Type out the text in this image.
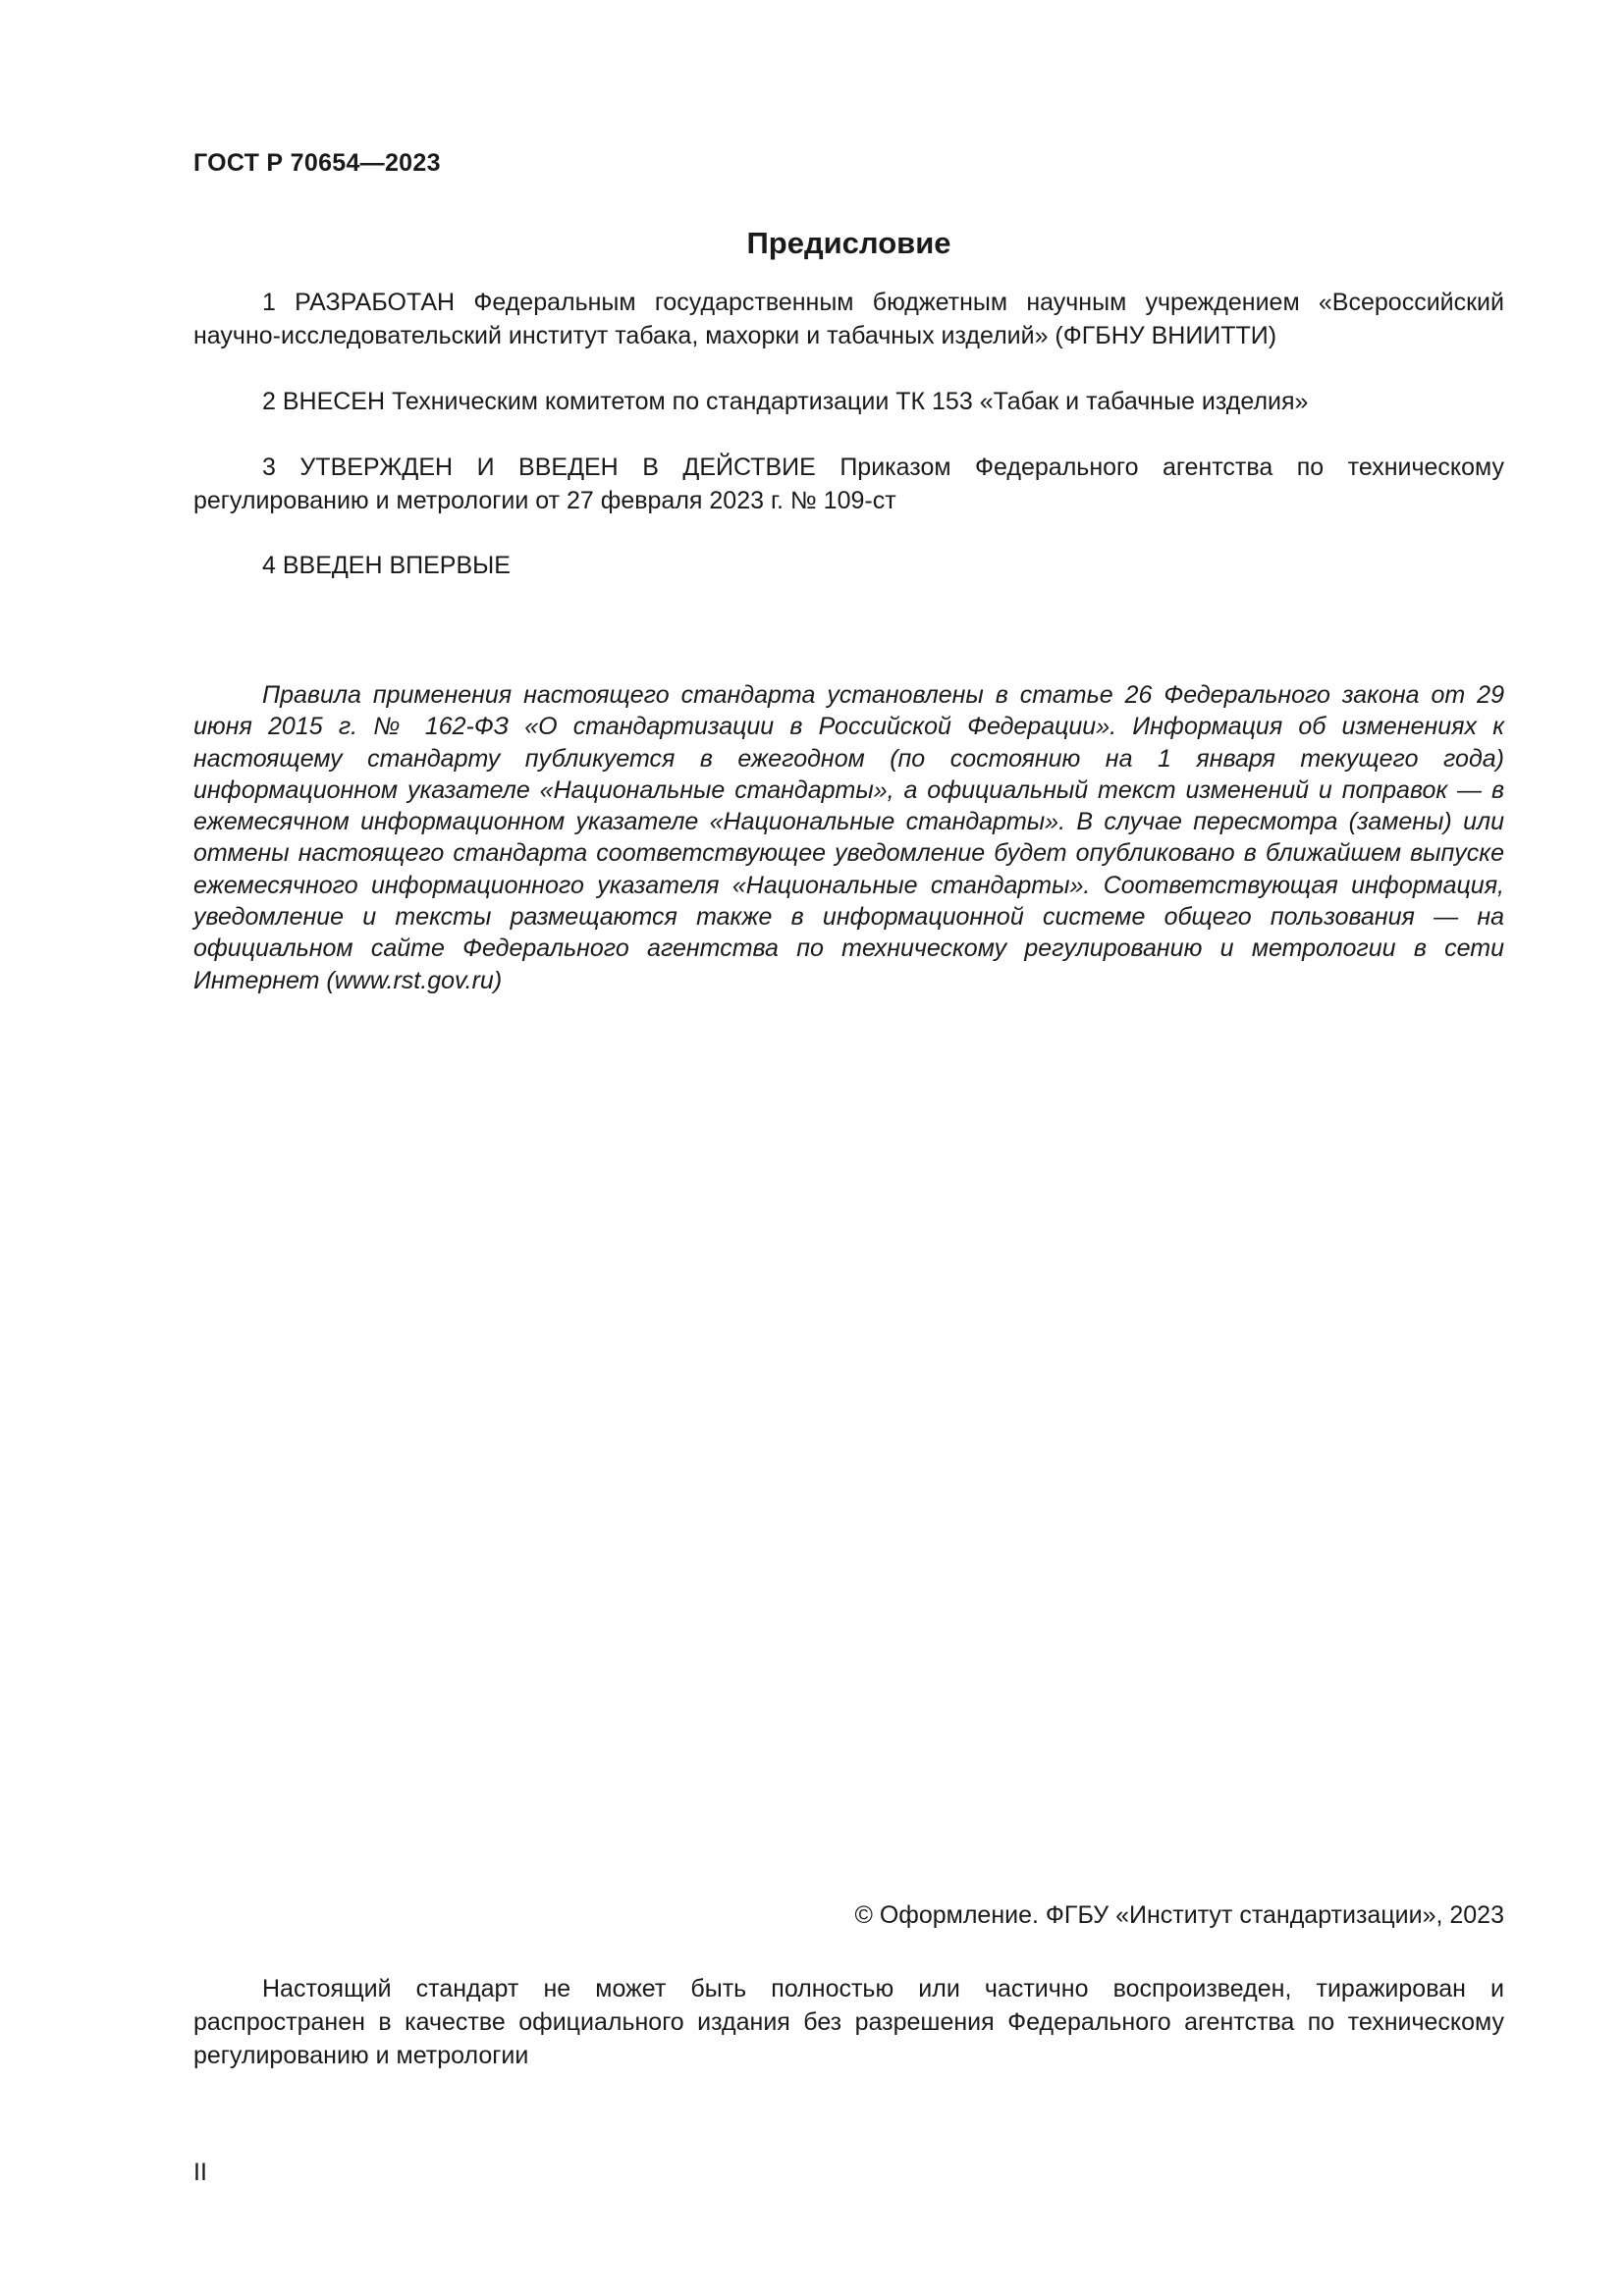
ГОСТ Р 70654—2023
Предисловие

1 РАЗРАБОТАН Федеральным государственным бюджетным научным учреждением «Всероссийский научно-исследовательский институт табака, махорки и табачных изделий» (ФГБНУ ВНИИТТИ)

2 ВНЕСЕН Техническим комитетом по стандартизации ТК 153 «Табак и табачные изделия»

3 УТВЕРЖДЕН И ВВЕДЕН В ДЕЙСТВИЕ Приказом Федерального агентства по техническому регулированию и метрологии от 27 февраля 2023 г. № 109-ст

4 ВВЕДЕН ВПЕРВЫЕ

Правила применения настоящего стандарта установлены в статье 26 Федерального закона от 29 июня 2015 г. № 162-ФЗ «О стандартизации в Российской Федерации». Информация об изменениях к настоящему стандарту публикуется в ежегодном (по состоянию на 1 января текущего года) информационном указателе «Национальные стандарты», а официальный текст изменений и поправок — в ежемесячном информационном указателе «Национальные стандарты». В случае пересмотра (замены) или отмены настоящего стандарта соответствующее уведомление будет опубликовано в ближайшем выпуске ежемесячного информационного указателя «Национальные стандарты». Соответствующая информация, уведомление и тексты размещаются также в информационной системе общего пользования — на официальном сайте Федерального агентства по техническому регулированию и метрологии в сети Интернет (www.rst.gov.ru)

© Оформление. ФГБУ «Институт стандартизации», 2023

Настоящий стандарт не может быть полностью или частично воспроизведен, тиражирован и распространен в качестве официального издания без разрешения Федерального агентства по техническому регулированию и метрологии

II
